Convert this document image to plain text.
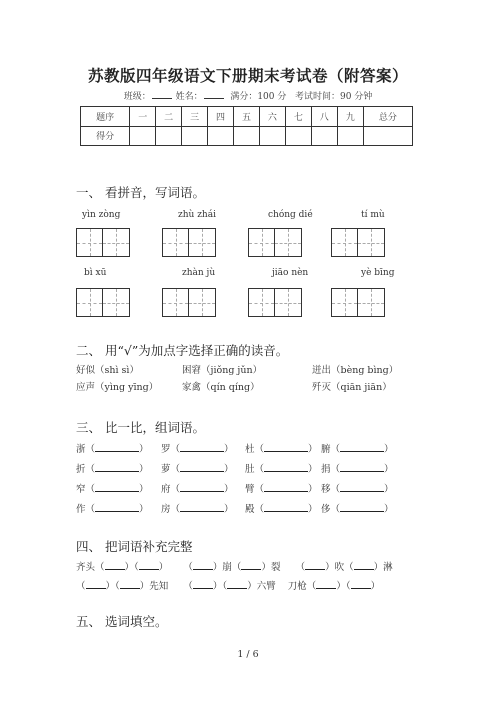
苏教版四年级语文下册期末考试卷（附答案）
班级：	姓名：	满分：100 分 考试时间：90 分钟
题序	一	二	三	四	五	六	七	八	九	总分
得分										
一、 看拼音，写词语。
yìn zòng	zhù zhái	chóng dié	tí mù
bì xū	zhàn jù	jiāo nèn	yè bīng
二、 用“√”为加点字选择正确的读音。
好似（shì sì）	困窘（jiǒng jǔn）	迸出（bèng bìng）
应声（yìng yīng）	家禽（qín qíng）	歼灭（qiān jiān）
三、 比一比，组词语。
浙（	） 罗（	） 杜（	） 腑（	）
折（	） 萝（	） 肚（	） 捐（	）
窄（	） 府（	） 臂（	） 移（	）
作（	） 房（	） 殿（	） 侈（	）
四、 把词语补充完整
齐头（ ）（ ） （ ）崩（ ）裂 （ ）吹（ ）淋
（ ）（ ）先知 （ ）（ ）六臂 刀枪（ ）（ ）
五、 选词填空。
1 / 6
